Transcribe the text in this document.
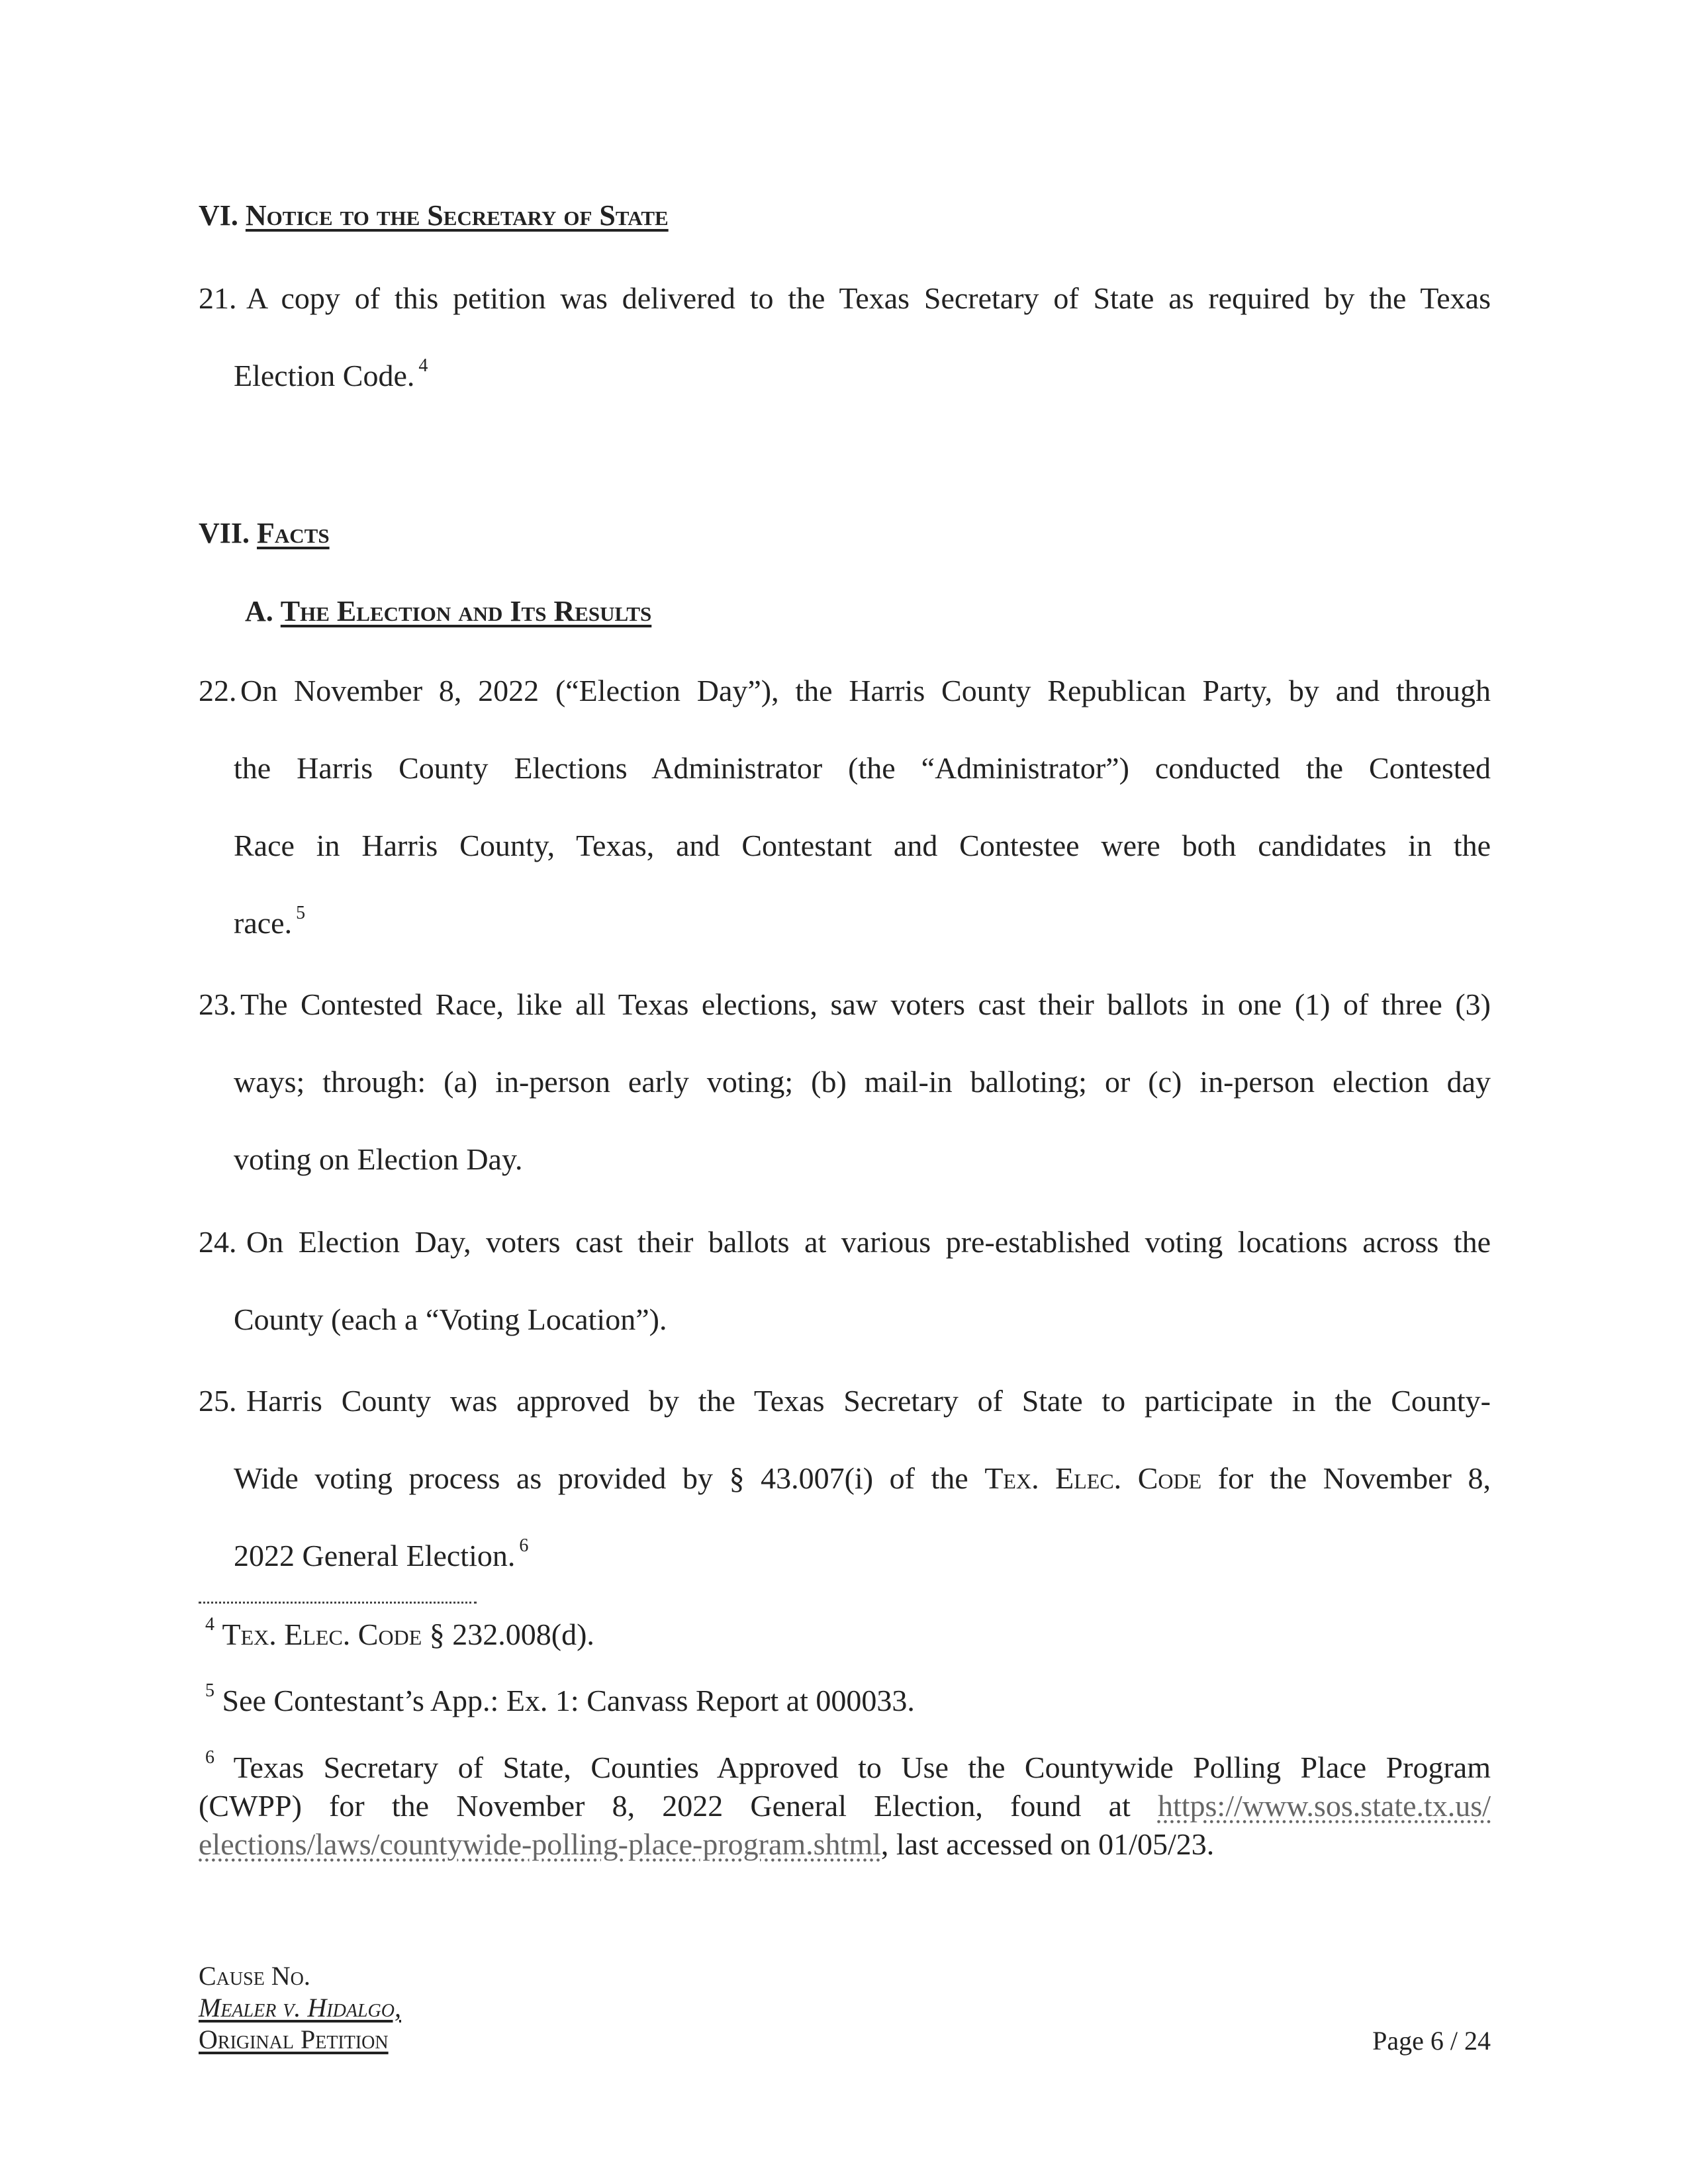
VI. Notice to the Secretary of State
21. A copy of this petition was delivered to the Texas Secretary of State as required by the Texas
Election Code. $^4$
VII. Facts
A. The Election and Its Results
22. On November 8, 2022 (“Election Day”), the Harris County Republican Party, by and through
the Harris County Elections Administrator (the “Administrator”) conducted the Contested
Race in Harris County, Texas, and Contestant and Contestee were both candidates in the
race. $^5$
23. The Contested Race, like all Texas elections, saw voters cast their ballots in one (1) of three (3)
ways; through: (a) in-person early voting; (b) mail-in balloting; or (c) in-person election day
voting on Election Day.
24. On Election Day, voters cast their ballots at various pre-established voting locations across the
County (each a “Voting Location”).
25. Harris County was approved by the Texas Secretary of State to participate in the County-
Wide voting process as provided by § 43.007(i) of the Tex. Elec. Code for the November 8,
2022 General Election. $^6$
$^4$ Tex. Elec. Code § 232.008(d).
$^5$ See Contestant’s App.: Ex. 1: Canvass Report at 000033.
$^6$ Texas Secretary of State, Counties Approved to Use the Countywide Polling Place Program
(CWPP) for the November 8, 2022 General Election, found at https://www.sos.state.tx.us/
elections/laws/countywide-polling-place-program.shtml, last accessed on 01/05/23.
Cause No.
Mealer v. Hidalgo,
Original Petition	Page 6 / 24
